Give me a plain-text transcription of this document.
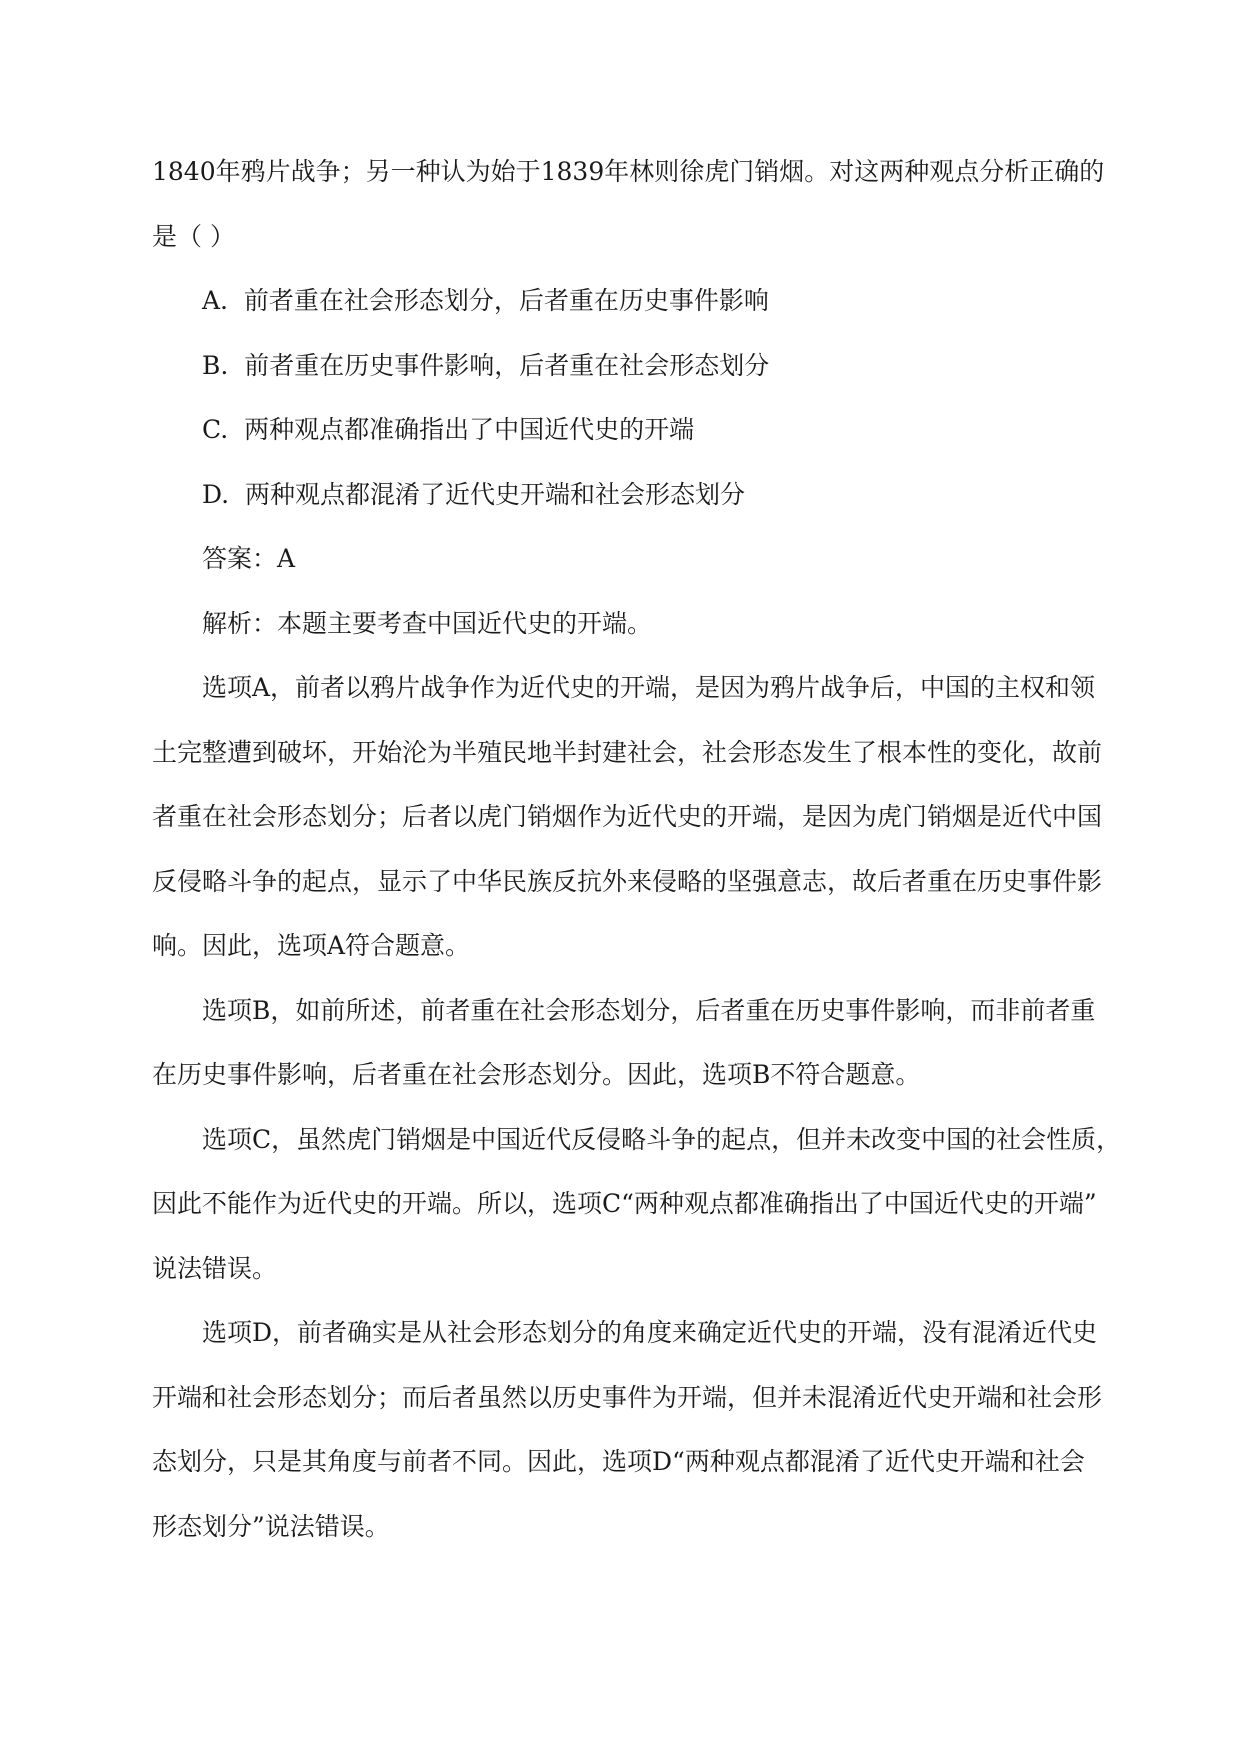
1840年鸦片战争；另一种认为始于1839年林则徐虎门销烟。对这两种观点分析正确的

是（ ）

A. 前者重在社会形态划分，后者重在历史事件影响

B. 前者重在历史事件影响，后者重在社会形态划分

C. 两种观点都准确指出了中国近代史的开端

D. 两种观点都混淆了近代史开端和社会形态划分

答案：A

解析：本题主要考查中国近代史的开端。

选项A，前者以鸦片战争作为近代史的开端，是因为鸦片战争后，中国的主权和领

土完整遭到破坏，开始沦为半殖民地半封建社会，社会形态发生了根本性的变化，故前

者重在社会形态划分；后者以虎门销烟作为近代史的开端，是因为虎门销烟是近代中国

反侵略斗争的起点，显示了中华民族反抗外来侵略的坚强意志，故后者重在历史事件影

响。因此，选项A符合题意。

选项B，如前所述，前者重在社会形态划分，后者重在历史事件影响，而非前者重

在历史事件影响，后者重在社会形态划分。因此，选项B不符合题意。

选项C，虽然虎门销烟是中国近代反侵略斗争的起点，但并未改变中国的社会性质，

因此不能作为近代史的开端。所以，选项C“两种观点都准确指出了中国近代史的开端”

说法错误。

选项D，前者确实是从社会形态划分的角度来确定近代史的开端，没有混淆近代史

开端和社会形态划分；而后者虽然以历史事件为开端，但并未混淆近代史开端和社会形

态划分，只是其角度与前者不同。因此，选项D“两种观点都混淆了近代史开端和社会

形态划分”说法错误。
